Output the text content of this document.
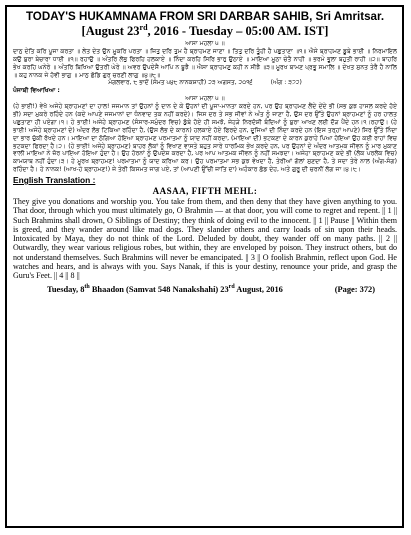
TODAY'S HUKAMNAMA FROM SRI DARBAR SAHIB, Sri Amritsar.

[August 23rd, 2016 - Tuesday – 05:00 AM. IST]

ਆਸਾ ਮਹਲਾ ੫ ॥

ਦਾਨੁ ਦੇਤਿ ਕਰਿ ਪੂਜਾ ਕਰਤਾ ॥ ਲੇਤ ਦੇਤ ਉਨ ਮੂਕਰਿ ਪਰਤਾ ॥ ਜਿਤੁ ਦਰਿ ਤੁਮ ਹੈ ਬ੍ਰਾਹਮਣ ਜਾਣਾ ॥ ਤਿਤੁ ਦਰਿ ਤੂੰਹੀ ਹੈ ਪਛੁਤਾਣਾ ॥੧॥ ਐਸੇ ਬ੍ਰਾਹਮਣ ਡੂਬੇ ਭਾਈ ॥ ਨਿਰਮਾਇਲ ਕਉ ਬੁਰਾ ਬੇਚਾਰਾ ਧਾਈ ॥੧॥ ਰਹਾਉ ॥ ਅੰਤਰਿ ਲੋਭੁ ਫਿਰਹਿ ਹਲਕਾਏ ॥ ਨਿੰਦਾ ਕਰਹਿ ਸਿਰਿ ਭਾਰੁ ਉਠਾਏ ॥ ਮਾਇਆ ਮੂਠਾ ਚੇਤੈ ਨਾਹੀ ॥ ਭਰਮੇ ਭੂਲਾ ਬਹੁਤੀ ਰਾਹੀ ॥੨॥ ਬਾਹਰਿ ਭੇਖ ਕਰਹਿ ਘਨੇਰੇ ॥ ਅੰਤਰਿ ਬਿਖਿਆ ਉਤਰੀ ਘੇਰੇ ॥ ਅਵਰ ਉਪਦੇਸੈ ਆਪਿ ਨ ਬੂਝੈ ॥ ਐਸਾ ਬ੍ਰਾਹਮਣੁ ਕਹੀ ਨ ਸੀਝੈ ॥੩॥ ਮੂਰਖ ਬਾਮਣ ਪ੍ਰਭੂ ਸਮਾਲਿ ॥ ਦੇਖਤ ਸੁਨਤ ਤੇਰੈ ਹੈ ਨਾਲਿ ॥ ਕਹੁ ਨਾਨਕ ਜੇ ਹੋਵੀ ਭਾਗੁ ॥ ਮਾਨੁ ਛੋਡਿ ਗੁਰ ਚਰਣੀ ਲਾਗੁ ॥੪॥੮॥

ਮੰਗਲਵਾਰ, ੮ ਭਾਦੋਂ (ਸੰਮਤ ੫੪੮ ਨਾਨਕਸ਼ਾਹੀ) ੨੩ ਅਗਸਤ, ੨੦੧੬	(ਅੰਗ : ੩੭੨)

ਪੰਜਾਬੀ ਵਿਆਖਿਆ :

ਆਸਾ ਮਹਲਾ ੫ ॥

(ਹੇ ਭਾਈ!) ਵੇਖੋ ਅਜੇਹੇ ਬ੍ਰਾਹਮਣਾਂ ਦਾ ਹਾਲ! ਜਜਮਾਨ ਤਾਂ ਉਹਨਾਂ ਨੂੰ ਦਾਨ ਦੇ ਕੇ ਉਹਨਾਂ ਦੀ ਪੂਜਾ-ਮਾਨਤਾ ਕਰਦੇ ਹਨ, ਪਰ ਉਹ ਬ੍ਰਾਹਮਣ ਲੈਂਦੇ ਦੇਂਦੇ ਭੀ (ਸਭ ਕੁਝ ਹਾਸਲ ਕਰਦੇ ਹੋਏ ਭੀ) ਸਦਾ ਮੁਕਰੇ ਰਹਿੰਦੇ ਹਨ (ਕਦੇ ਆਪਣੇ ਜਜਮਾਨਾਂ ਦਾ ਧੰਨਵਾਦ ਤਕ ਨਹੀਂ ਕਰਦੇ)। ਜਿਸ ਦਰ ਤੇ ਸਭ ਜੀਵਾਂ ਨੇ ਅੰਤ ਨੂੰ ਜਾਣਾ ਹੈ, ਉਸ ਦਰ ਉੱਤੇ ਉਹਨਾਂ ਬ੍ਰਾਹਮਣਾਂ ਨੂੰ ਹਰ ਹਾਲਤ ਪਛੁਤਾਣਾ ਹੀ ਪਏਗਾ।੧। ਹੇ ਭਾਈ! ਅਜੇਹੇ ਬ੍ਰਾਹਮਣ (ਸੰਸਾਰ-ਸਮੁੰਦਰ ਵਿਚ) ਡੁੱਬੇ ਹੋਏ ਹੀ ਸਮਝੋ, ਜੇਹੜੇ ਨਿਰਦੋਸ਼ੀ ਬੰਦਿਆਂ ਨੂੰ ਬੁਰਾ ਆਖਣ ਲਈ ਦੌੜ ਪੈਂਦੇ ਹਨ।੧।ਰਹਾਉ। (ਹੇ ਭਾਈ! ਅਜੇਹੇ ਬ੍ਰਾਹਮਣਾਂ ਦੇ) ਅੰਦਰ ਲੋਭ ਟਿਕਿਆ ਰਹਿੰਦਾ ਹੈ, (ਉਸ ਲੋਭ ਦੇ ਕਾਰਨ) ਹਲਕਾਏ ਹੋਏ ਫਿਰਦੇ ਹਨ, ਦੂਜਿਆਂ ਦੀ ਨਿੰਦਾ ਕਰਦੇ ਹਨ (ਇਸ ਤਰ੍ਹਾਂ ਆਪਣੇ) ਸਿਰ ਉੱਤੇ ਨਿੰਦਾ ਦਾ ਭਾਰ ਚੁੱਕੀ ਰੱਖਦੇ ਹਨ। ਮਾਇਆ ਦਾ ਠੱਗਿਆ ਹੋਇਆ ਬ੍ਰਾਹਮਣ ਪਰਮਾਤਮਾ ਨੂੰ ਯਾਦ ਨਹੀਂ ਕਰਦਾ, (ਮਾਇਆ ਦੀ) ਭਟਕਣਾ ਦੇ ਕਾਰਨ ਕੁਰਾਹੇ ਪਿਆ ਹੋਇਆ ਉਹ ਕਈ ਰਾਹਾਂ ਵਿਚ ਭਟਕਦਾ ਫਿਰਦਾ ਹੈ।੨। (ਹੇ ਭਾਈ! ਅਜੇਹੇ ਬ੍ਰਾਹਮਣ) ਬਾਹਰ ਲੋਕਾਂ ਨੂੰ ਵਿਖਾਣ ਵਾਸਤੇ ਬਹੁਤ ਸਾਰੇ ਧਾਰਮਿਕ ਭੇਖ ਕਰਦੇ ਹਨ, ਪਰ ਉਹਨਾਂ ਦੇ ਅੰਦਰ ਆਤਮਕ ਜੀਵਨ ਨੂੰ ਮਾਰ ਮੁਕਾਣ ਵਾਲੀ ਮਾਇਆ ਨੇ ਜ਼ੋਰ ਪਾਇਆ ਹੋਇਆ ਹੁੰਦਾ ਹੈ। ਉਹ ਹੋਰਨਾਂ ਨੂੰ ਉਪਦੇਸ਼ ਕਰਦਾ ਹੈ, ਪਰ ਆਪ ਆਤਮਕ ਜੀਵਨ ਨੂੰ ਨਹੀਂ ਸਮਝਦਾ। ਅਜੇਹਾ ਬ੍ਰਾਹਮਣ ਕਦੇ ਭੀ (ਲੋਕ ਪਰਲੋਕ ਵਿਚ) ਕਾਮਯਾਬ ਨਹੀਂ ਹੁੰਦਾ।੩। ਹੇ ਮੂਰਖ ਬ੍ਰਾਹਮਣ! ਪਰਮਾਤਮਾ ਨੂੰ ਯਾਦ ਕਰਿਆ ਕਰ। ਉਹ ਪਰਮਾਤਮਾ ਸਭ ਕੁਝ ਵੇਖਦਾ ਹੈ, ਤੇਰੀਆਂ ਗੱਲਾਂ ਸੁਣਦਾ ਹੈ, ਤੇ ਸਦਾ ਤੇਰੇ ਨਾਲ (ਅੰਗ-ਸੰਗ) ਰਹਿੰਦਾ ਹੈ। ਹੇ ਨਾਨਕ! (ਆਖ-ਹੇ ਬ੍ਰਾਹਮਣ!) ਜੇ ਤੇਰੀ ਕਿਸਮਤ ਜਾਗ ਪਏ, ਤਾਂ (ਆਪਣੀ ਉੱਚੀ ਜਾਤਿ ਦਾ) ਅਹੰਕਾਰ ਛੱਡ ਦੇਹ, ਅਤੇ ਗੁਰੂ ਦੀ ਚਰਨੀਂ ਲੱਗ ਜਾ।੪।੮।

English Translation :

AASAA, FIFTH MEHL:

They give you donations and worship you. You take from them, and then deny that they have given anything to you. That door, through which you must ultimately go, O Brahmin — at that door, you will come to regret and repent. || 1 || Such Brahmins shall drown, O Siblings of Destiny; they think of doing evil to the innocent. || 1 || Pause || Within them is greed, and they wander around like mad dogs. They slander others and carry loads of sin upon their heads. Intoxicated by Maya, they do not think of the Lord. Deluded by doubt, they wander off on many paths. || 2 || Outwardly, they wear various religious robes, but within, they are enveloped by poison. They instruct others, but do not understand themselves. Such Brahmins will never be emancipated. || 3 || O foolish Brahmin, reflect upon God. He watches and hears, and is always with you. Says Nanak, if this is your destiny, renounce your pride, and grasp the Guru's Feet. || 4 || 8 ||

Tuesday, 8th Bhaadon (Samvat 548 Nanakshahi) 23rd August, 2016	(Page: 372)
